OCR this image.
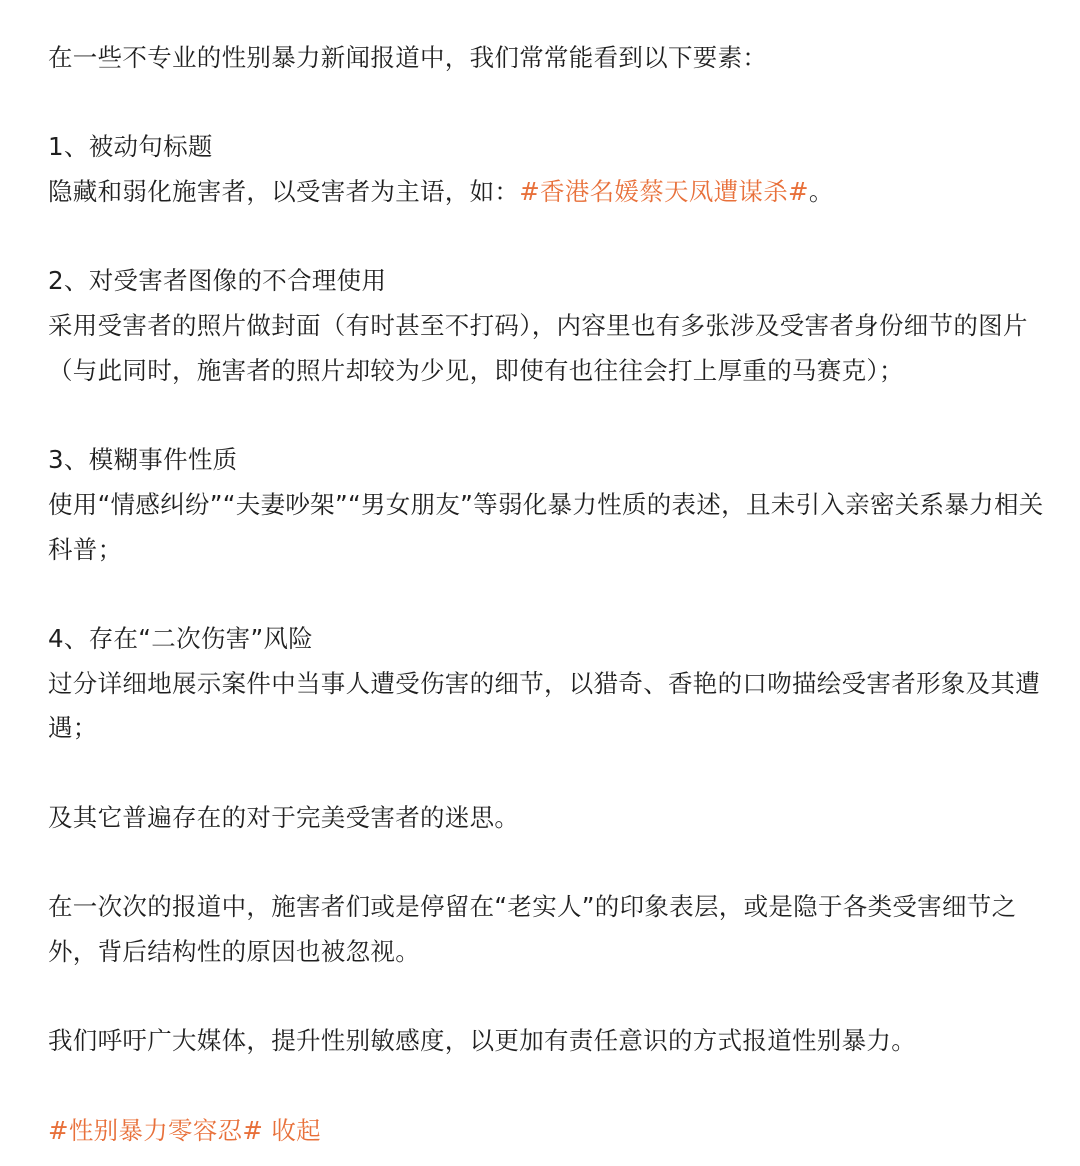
在一些不专业的性别暴力新闻报道中，我们常常能看到以下要素：

1、被动句标题

隐藏和弱化施害者，以受害者为主语，如：#香港名媛蔡天凤遭谋杀#。

2、对受害者图像的不合理使用

采用受害者的照片做封面（有时甚至不打码），内容里也有多张涉及受害者身份细节的图片（与此同时，施害者的照片却较为少见，即使有也往往会打上厚重的马赛克）；

3、模糊事件性质

使用“情感纠纷”“夫妻吵架”“男女朋友”等弱化暴力性质的表述，且未引入亲密关系暴力相关科普；

4、存在“二次伤害”风险

过分详细地展示案件中当事人遭受伤害的细节，以猎奇、香艳的口吻描绘受害者形象及其遭遇；

及其它普遍存在的对于完美受害者的迷思。

在一次次的报道中，施害者们或是停留在“老实人”的印象表层，或是隐于各类受害细节之外，背后结构性的原因也被忽视。

我们呼吁广大媒体，提升性别敏感度，以更加有责任意识的方式报道性别暴力。

#性别暴力零容忍# 收起
